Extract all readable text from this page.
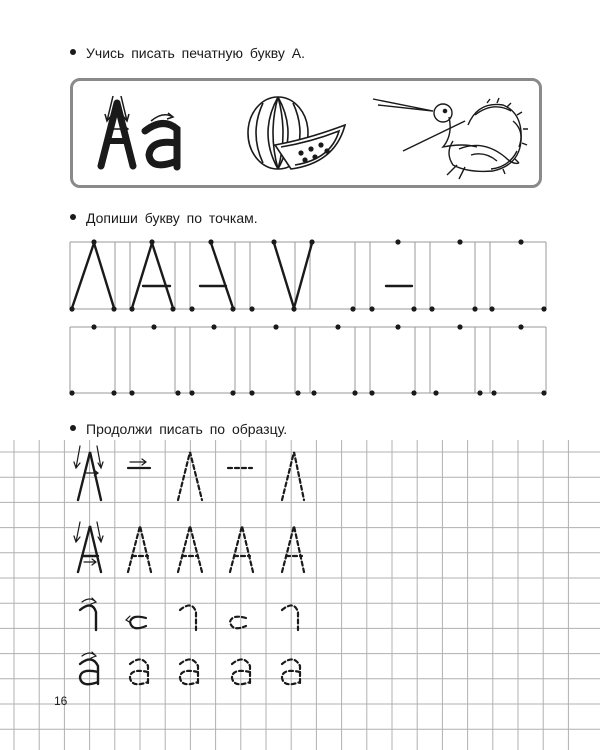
Учись писать печатную букву А.
Допиши букву по точкам.
Продолжи писать по образцу.
16
